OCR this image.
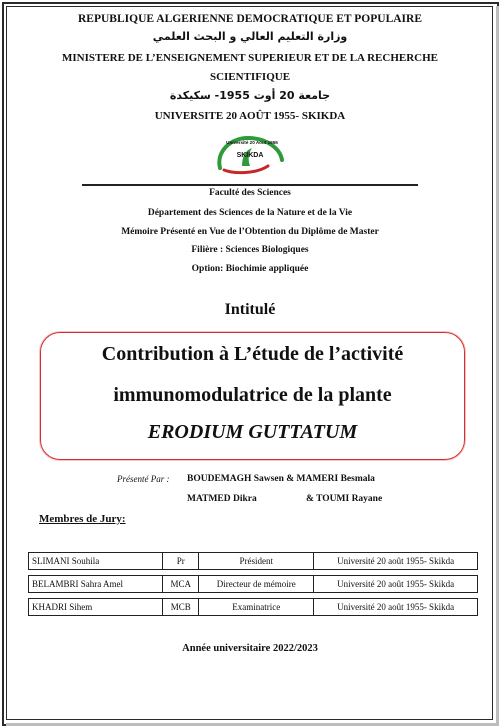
REPUBLIQUE ALGERIENNE DEMOCRATIQUE ET POPULAIRE
وزارة التعليم العالي و البحث العلمي
MINISTERE DE L’ENSEIGNEMENT SUPERIEUR ET DE LA RECHERCHE
SCIENTIFIQUE
جامعة 20 أوت 1955- سكيكدة
UNIVERSITE 20 AOÛT 1955- SKIKDA
Université 20 Aout 1955
SKIKDA
Faculté des Sciences
Département des Sciences de la Nature et de la Vie
Mémoire Présenté en Vue de l’Obtention du Diplôme de Master
Filière : Sciences Biologiques
Option: Biochimie appliquée
Intitulé
Contribution à L’étude de l’activité
immunomodulatrice de la plante
ERODIUM GUTTATUM
Présenté Par : BOUDEMAGH Sawsen & MAMERI Besmala
MATMED Dikra	& TOUMI Rayane
Membres de Jury:
SLIMANI Souhila	Pr	Président	Université 20 août 1955- Skikda

BELAMBRI Sahra Amel	MCA	Directeur de mémoire	Université 20 août 1955- Skikda

KHADRI Sihem	MCB	Examinatrice	Université 20 août 1955- Skikda
Année universitaire 2022/2023
